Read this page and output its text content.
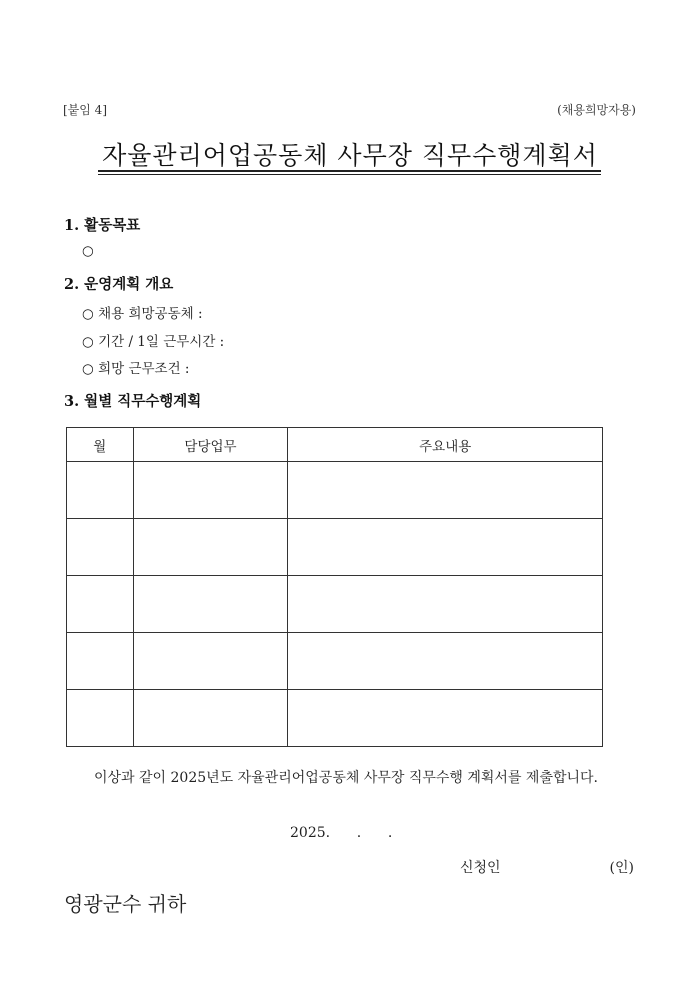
[붙임 4]	(채용희망자용)
자율관리어업공동체 사무장 직무수행계획서
1. 활동목표
○
2. 운영계획 개요
○ 채용 희망공동체 :
○ 기간 / 1일 근무시간 :
○ 희망 근무조건 :
3. 월별 직무수행계획
월	담당업무	주요내용

이상과 같이 2025년도 자율관리어업공동체 사무장 직무수행 계획서를 제출합니다.
2025.      .      .
신청인	(인)
영광군수 귀하
